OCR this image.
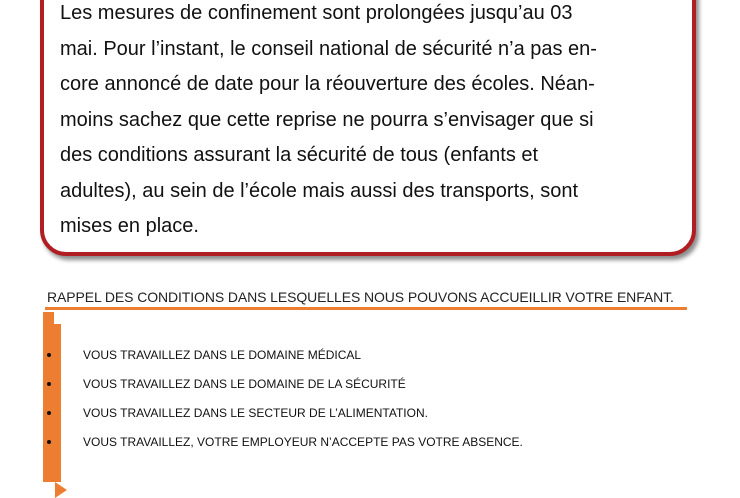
Les mesures de confinement sont prolongées jusqu’au 03
mai. Pour l’instant, le conseil national de sécurité n’a pas en-
core annoncé de date pour la réouverture des écoles. Néan-
moins sachez que cette reprise ne pourra s’envisager que si
des conditions assurant la sécurité de tous (enfants et
adultes), au sein de l’école mais aussi des transports, sont
mises en place.

RAPPEL DES CONDITIONS DANS LESQUELLES NOUS POUVONS ACCUEILLIR VOTRE ENFANT.
VOUS TRAVAILLEZ DANS LE DOMAINE MÉDICAL
VOUS TRAVAILLEZ DANS LE DOMAINE DE LA SÉCURITÉ
VOUS TRAVAILLEZ DANS LE SECTEUR DE L’ALIMENTATION.
VOUS TRAVAILLEZ, VOTRE EMPLOYEUR N’ACCEPTE PAS VOTRE ABSENCE.
